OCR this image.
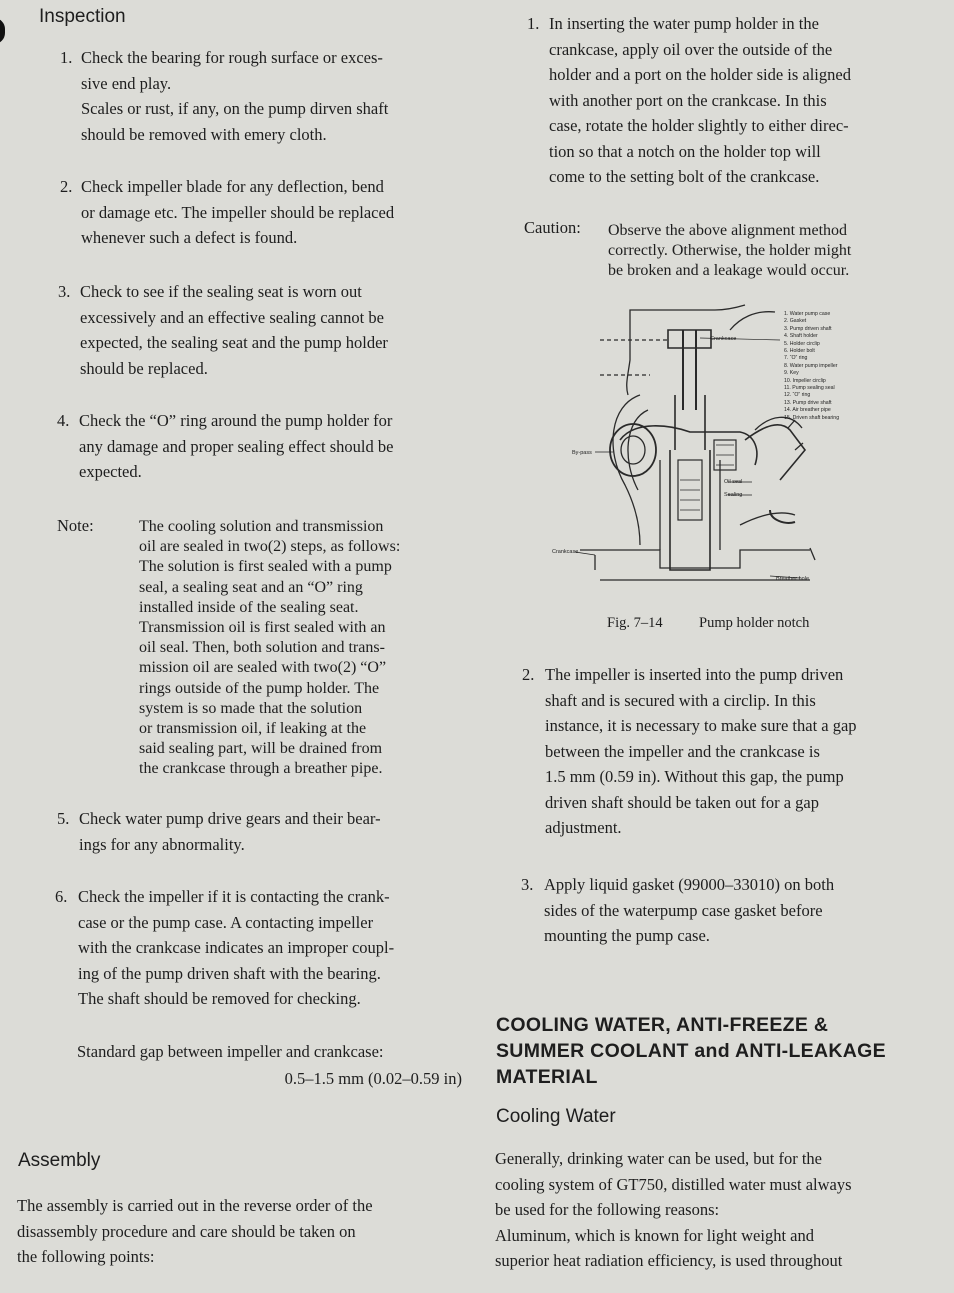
Inspection
1. Check the bearing for rough surface or exces-
sive end play.
Scales or rust, if any, on the pump dirven shaft
should be removed with emery cloth.
2. Check impeller blade for any deflection, bend
or damage etc. The impeller should be replaced
whenever such a defect is found.
3. Check to see if the sealing seat is worn out
excessively and an effective sealing cannot be
expected, the sealing seat and the pump holder
should be replaced.
4. Check the “O” ring around the pump holder for
any damage and proper sealing effect should be
expected.
Note:	The cooling solution and transmission
oil are sealed in two(2) steps, as follows:
The solution is first sealed with a pump
seal, a sealing seat and an “O” ring
installed inside of the sealing seat.
Transmission oil is first sealed with an
oil seal. Then, both solution and trans-
mission oil are sealed with two(2) “O”
rings outside of the pump holder. The
system is so made that the solution
or transmission oil, if leaking at the
said sealing part, will be drained from
the crankcase through a breather pipe.
5. Check water pump drive gears and their bear-
ings for any abnormality.
6. Check the impeller if it is contacting the crank-
case or the pump case. A contacting impeller
with the crankcase indicates an improper coupl-
ing of the pump driven shaft with the bearing.
The shaft should be removed for checking.
Standard gap between impeller and crankcase:
0.5–1.5 mm (0.02–0.59 in)
Assembly
The assembly is carried out in the reverse order of the
disassembly procedure and care should be taken on
the following points:
1. In inserting the water pump holder in the
crankcase, apply oil over the outside of the
holder and a port on the holder side is aligned
with another port on the crankcase. In this
case, rotate the holder slightly to either direc-
tion so that a notch on the holder top will
come to the setting bolt of the crankcase.
Caution: Observe the above alignment method
correctly. Otherwise, the holder might
be broken and a leakage would occur.
Crankcase
By-pass
Oil seal
Sealing
Crankcase
Breather hole
1. Water pump case
2. Gasket
3. Pump driven shaft
4. Shaft holder
5. Holder circlip
6. Holder bolt
7. “O” ring
8. Water pump impeller
9. Key
10. Impeller circlip
11. Pump sealing seal
12. “O” ring
13. Pump drive shaft
14. Air breather pipe
15. Driven shaft bearing
Fig. 7–14	Pump holder notch
2. The impeller is inserted into the pump driven
shaft and is secured with a circlip. In this
instance, it is necessary to make sure that a gap
between the impeller and the crankcase is
1.5 mm (0.59 in). Without this gap, the pump
driven shaft should be taken out for a gap
adjustment.
3. Apply liquid gasket (99000–33010) on both
sides of the waterpump case gasket before
mounting the pump case.
COOLING WATER, ANTI-FREEZE &
SUMMER COOLANT and ANTI-LEAKAGE
MATERIAL
Cooling Water
Generally, drinking water can be used, but for the
cooling system of GT750, distilled water must always
be used for the following reasons:
Aluminum, which is known for light weight and
superior heat radiation efficiency, is used throughout
